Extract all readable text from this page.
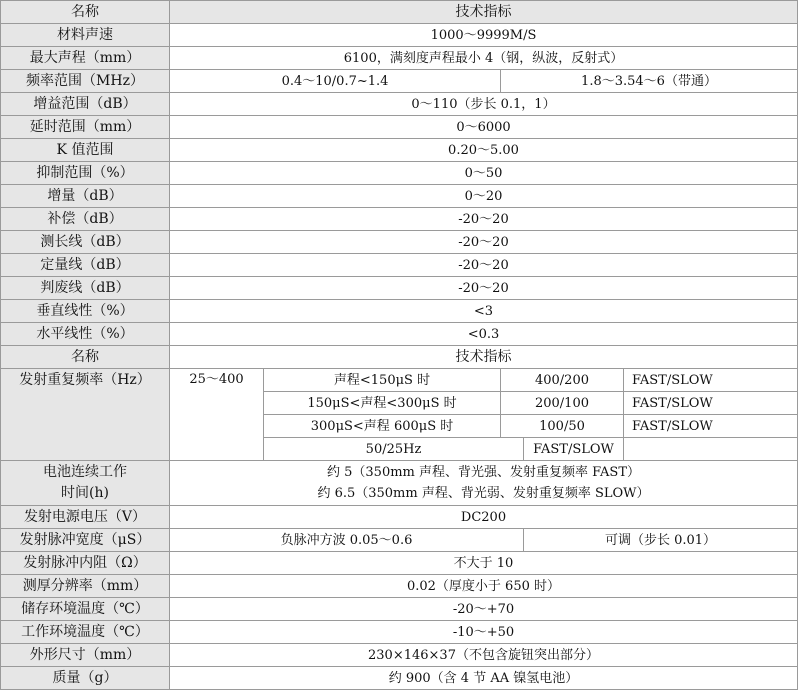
名称	技术指标				
材料声速	1000～9999M/S				
最大声程（mm）	6100，满刻度声程最小 4（钢，纵波，反射式）				
频率范围（MHz）	0.4～10/0.7~1.4		1.8～3.54～6（带通）		
增益范围（dB）	0～110（步长 0.1，1）				
延时范围（mm）	0～6000				
K 值范围	0.20～5.00				
抑制范围（%）	0～50				
增量（dB）	0～20				
补偿（dB）	-20～20				
测长线（dB）	-20～20				
定量线（dB）	-20～20				
判废线（dB）	-20～20				
垂直线性（%）	<3				
水平线性（%）	<0.3				
名称	技术指标				
发射重复频率（Hz）	25～400	声程<150μS 时	400/200		FAST/SLOW
		150μS<声程<300μS 时	200/100		FAST/SLOW
		300μS<声程 600μS 时	100/50		FAST/SLOW
		50/25Hz		FAST/SLOW	

电池连续工作
时间(h)	约 5（350mm 声程、背光强、发射重复频率 FAST）
约 6.5（350mm 声程、背光弱、发射重复频率 SLOW）				

发射电源电压（V）	DC200				
发射脉冲宽度（μS）	负脉冲方波 0.05～0.6			可调（步长 0.01）	
发射脉冲内阻（Ω）	不大于 10				
测厚分辨率（mm）	0.02（厚度小于 650 时）				
储存环境温度（℃）	-20～+70				
工作环境温度（℃）	-10～+50				
外形尺寸（mm）	230×146×37（不包含旋钮突出部分）				
质量（g）	约 900（含 4 节 AA 镍氢电池）				
